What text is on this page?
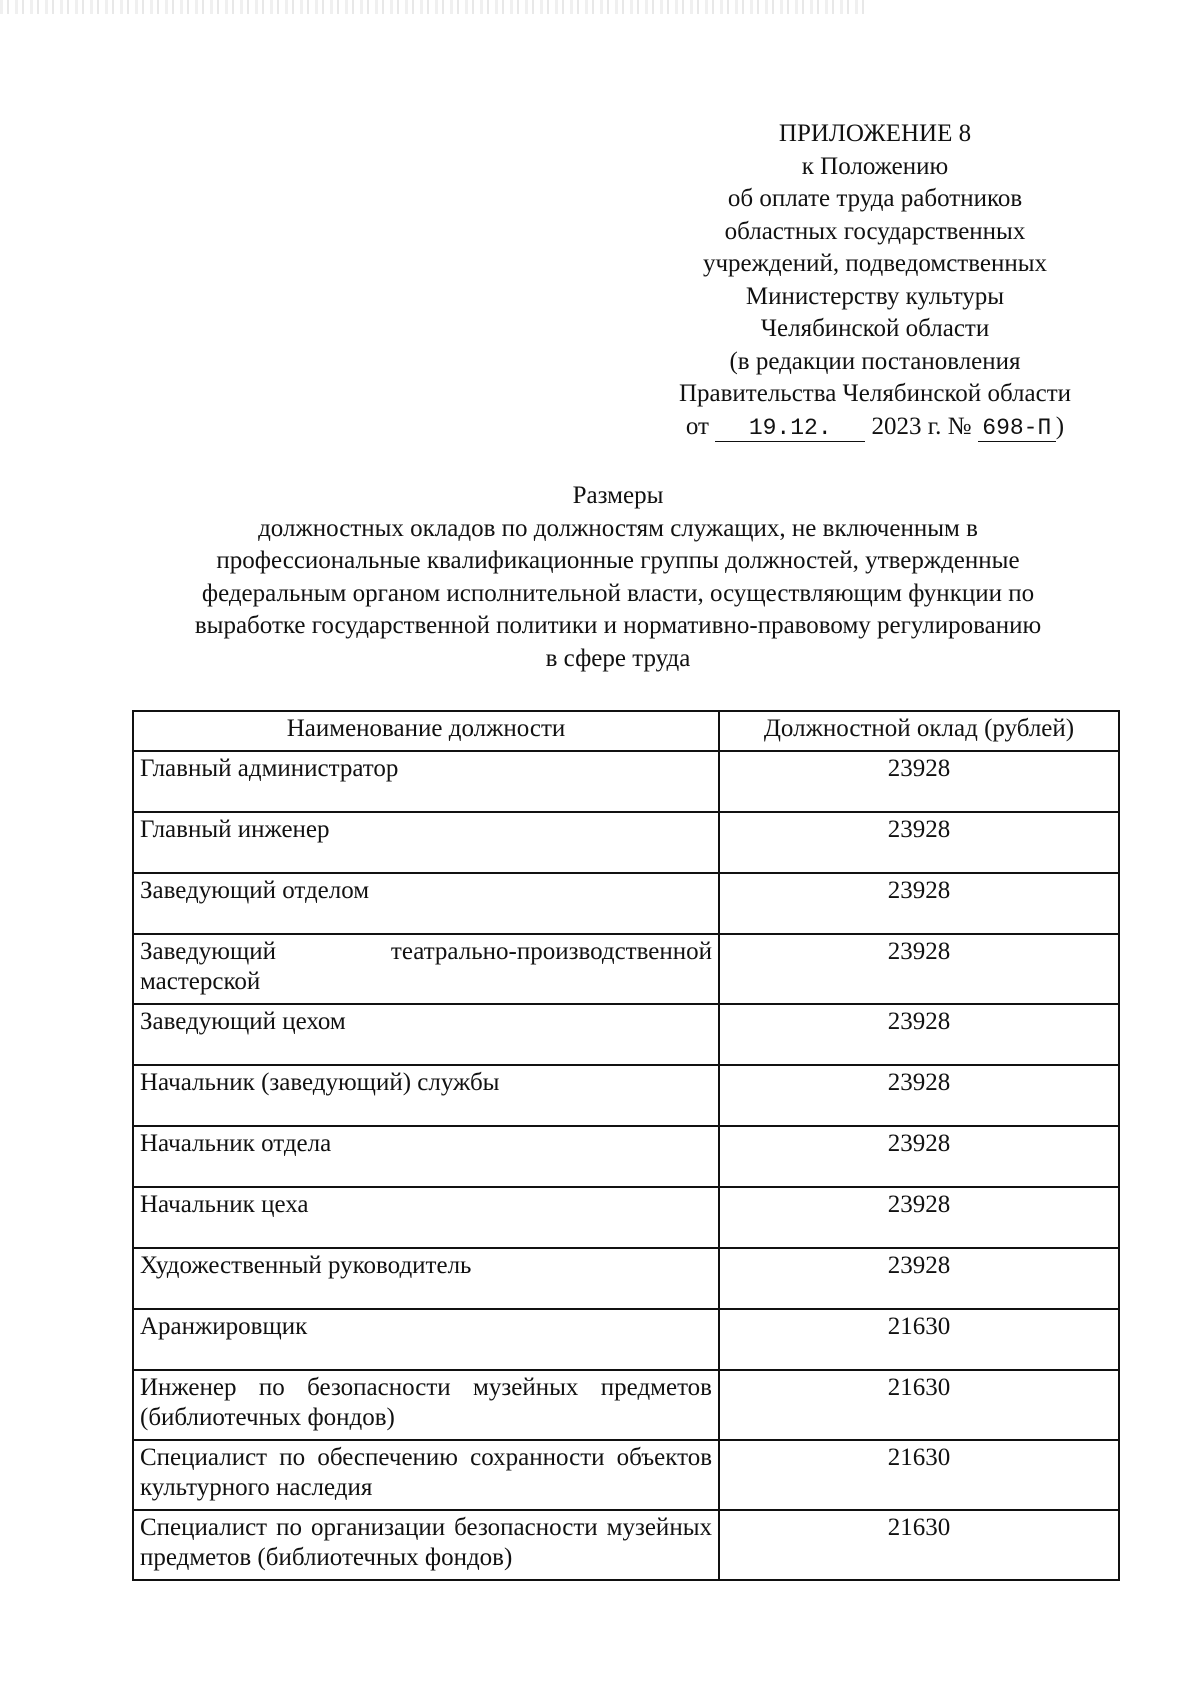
ПРИЛОЖЕНИЕ 8
к Положению
об оплате труда работников
областных государственных
учреждений, подведомственных
Министерству культуры
Челябинской области
(в редакции постановления
Правительства Челябинской области
от 19.12. 2023 г. № 698-П )
Размеры
должностных окладов по должностям служащих, не включенным в
профессиональные квалификационные группы должностей, утвержденные
федеральным органом исполнительной власти, осуществляющим функции по
выработке государственной политики и нормативно-правовому регулированию
в сфере труда
Наименование должности	Должностной оклад (рублей)
Главный администратор	23928
Главный инженер	23928
Заведующий отделом	23928
Заведующий театрально-производственной мастерской	23928
Заведующий цехом	23928
Начальник (заведующий) службы	23928
Начальник отдела	23928
Начальник цеха	23928
Художественный руководитель	23928
Аранжировщик	21630
Инженер по безопасности музейных предметов (библиотечных фондов)	21630
Специалист по обеспечению сохранности объектов культурного наследия	21630
Специалист по организации безопасности музейных предметов (библиотечных фондов)	21630
